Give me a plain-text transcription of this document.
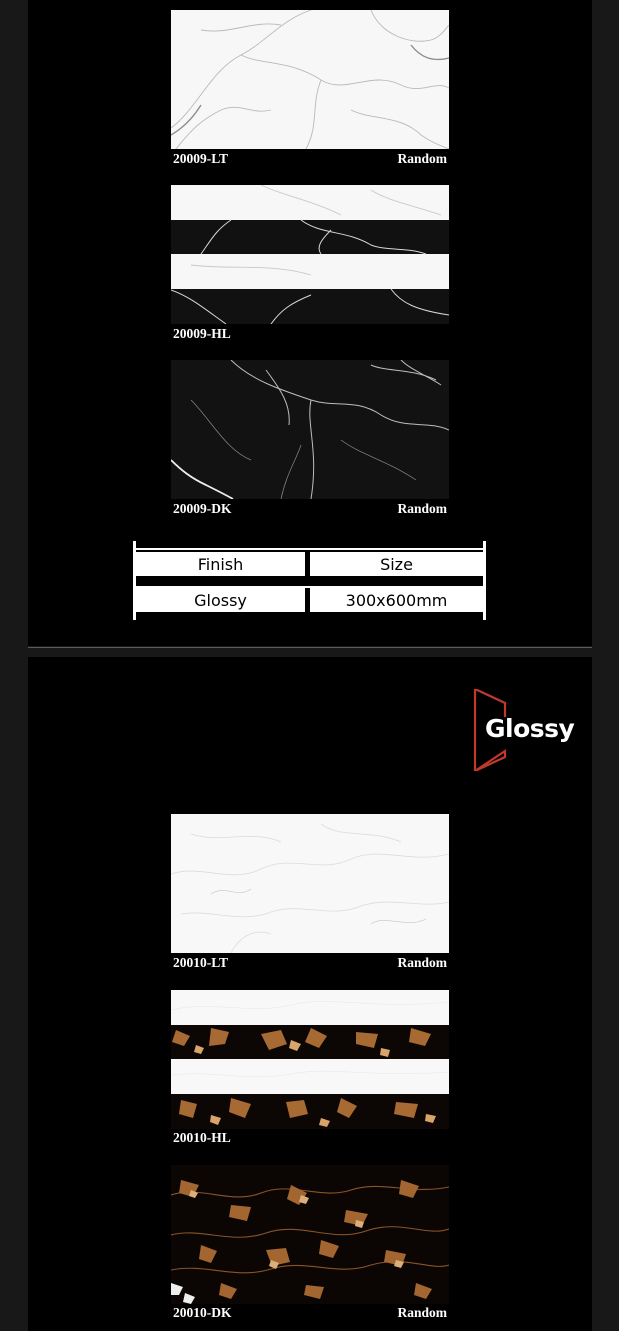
20009-LT	Random
20009-HL
20009-DK	Random
Finish	Size
Glossy	300x600mm
Glossy
20010-LT	Random
20010-HL
20010-DK	Random
